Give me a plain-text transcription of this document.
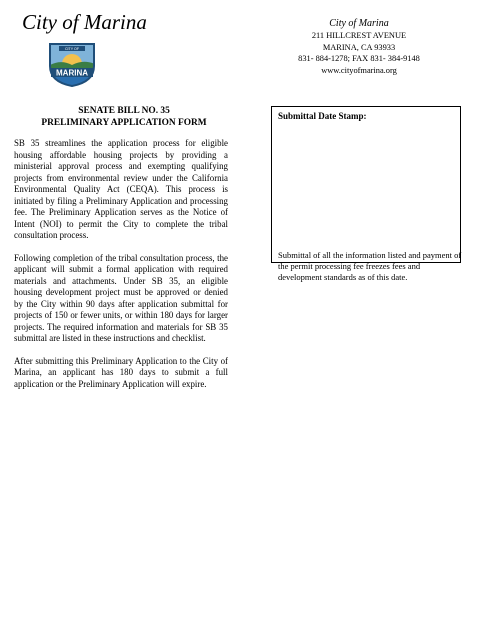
City of Marina
CITY OF
MARINA
City of Marina
211 HILLCREST AVENUE
MARINA, CA 93933
831- 884-1278; FAX 831- 384-9148
www.cityofmarina.org
SENATE BILL NO. 35
PRELIMINARY APPLICATION FORM

SB 35 streamlines the application process for eligible housing affordable housing projects by providing a ministerial approval process and exempting qualifying projects from environmental review under the California Environmental Quality Act (CEQA). This process is initiated by filing a Preliminary Application and processing fee. The Preliminary Application serves as the Notice of Intent (NOI) to permit the City to complete the tribal consultation process.

Following completion of the tribal consultation process, the applicant will submit a formal application with required materials and attachments. Under SB 35, an eligible housing development project must be approved or denied by the City within 90 days after application submittal for projects of 150 or fewer units, or within 180 days for larger projects. The required information and materials for SB 35 submittal are listed in these instructions and checklist.

After submitting this Preliminary Application to the City of Marina, an applicant has 180 days to submit a full application or the Preliminary Application will expire.

Submittal Date Stamp:
Submittal of all the information listed and payment of the permit processing fee freezes fees and development standards as of this date.
